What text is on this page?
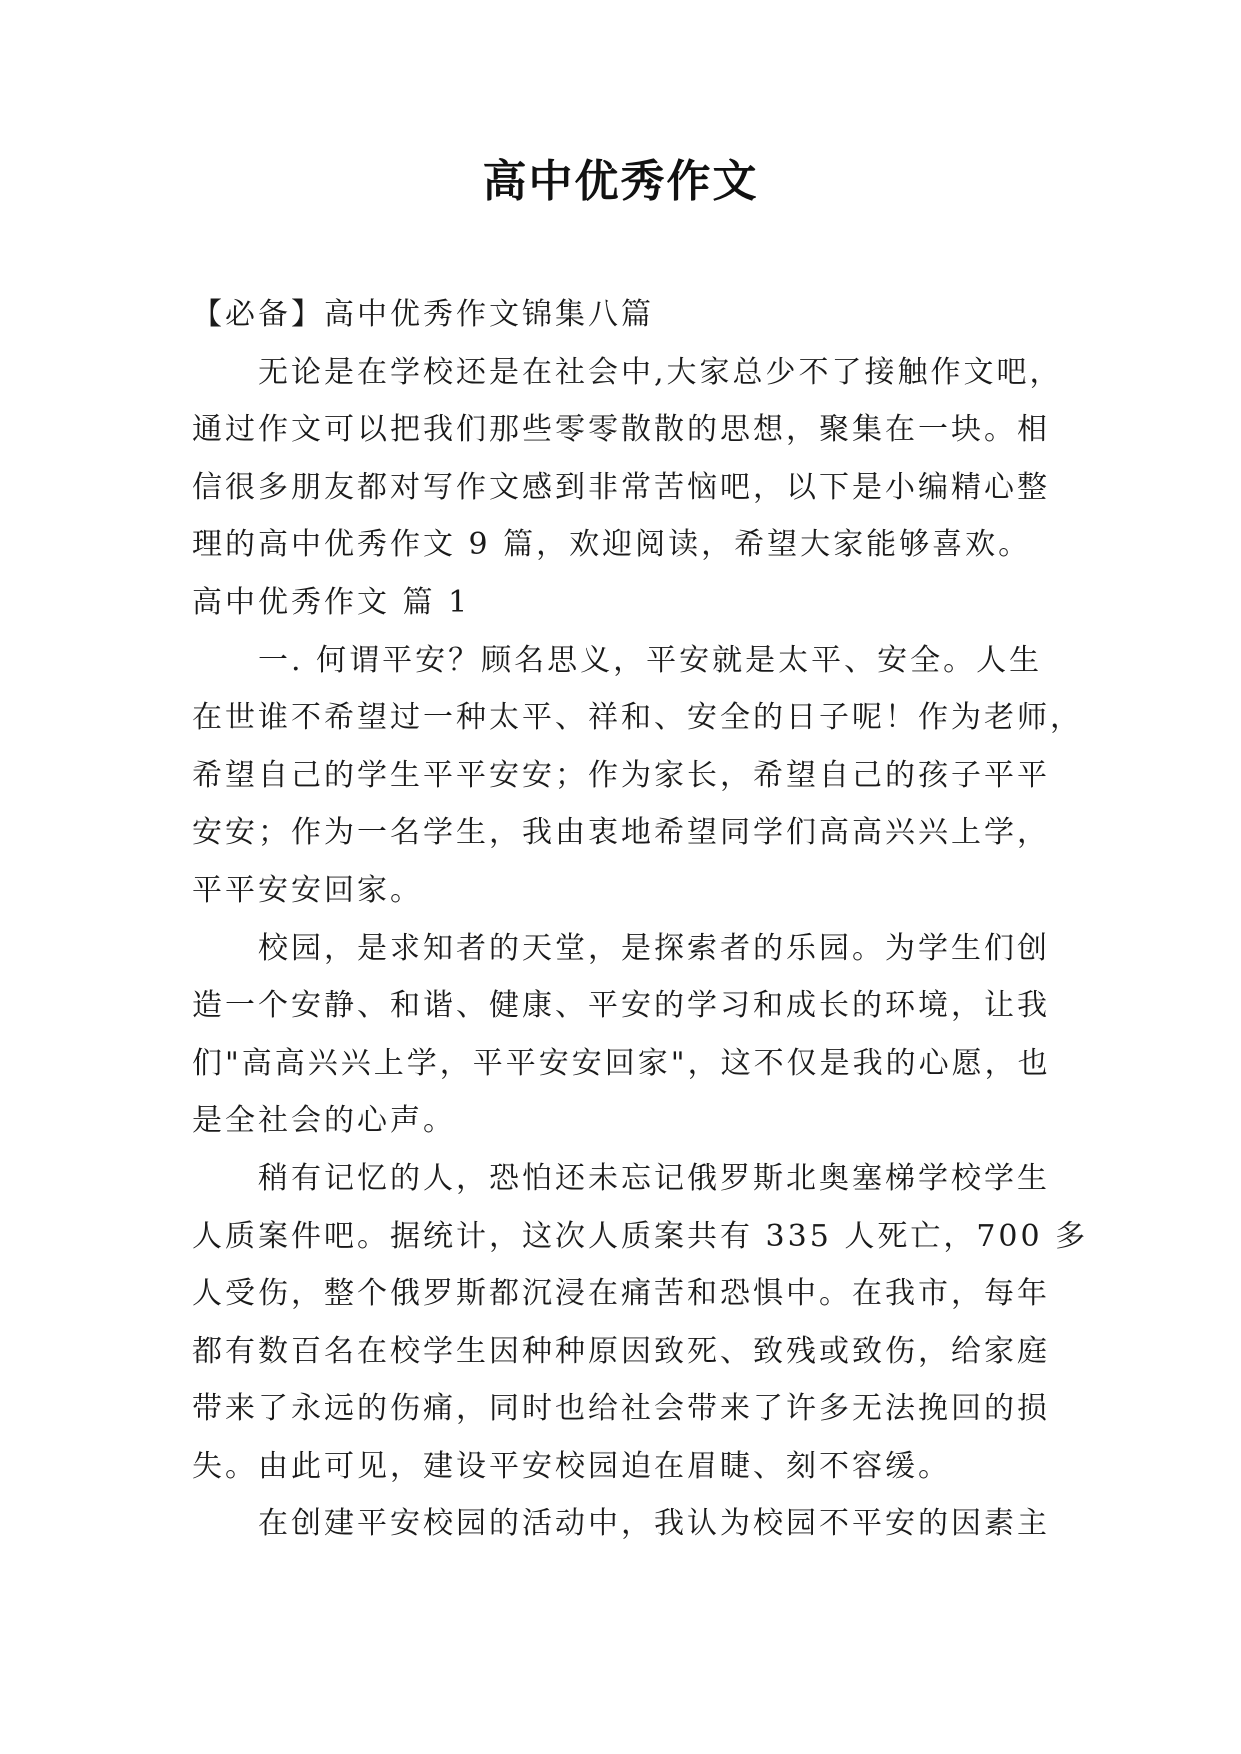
高中优秀作文

【必备】高中优秀作文锦集八篇

无论是在学校还是在社会中,大家总少不了接触作文吧，

通过作文可以把我们那些零零散散的思想，聚集在一块。相

信很多朋友都对写作文感到非常苦恼吧，以下是小编精心整

理的高中优秀作文 9 篇，欢迎阅读，希望大家能够喜欢。

高中优秀作文 篇 1

一. 何谓平安？顾名思义，平安就是太平、安全。人生

在世谁不希望过一种太平、祥和、安全的日子呢！作为老师，

希望自己的学生平平安安；作为家长，希望自己的孩子平平

安安；作为一名学生，我由衷地希望同学们高高兴兴上学，

平平安安回家。

校园，是求知者的天堂，是探索者的乐园。为学生们创

造一个安静、和谐、健康、平安的学习和成长的环境，让我

们"高高兴兴上学，平平安安回家"，这不仅是我的心愿，也

是全社会的心声。

稍有记忆的人，恐怕还未忘记俄罗斯北奥塞梯学校学生

人质案件吧。据统计，这次人质案共有 335 人死亡，700 多

人受伤，整个俄罗斯都沉浸在痛苦和恐惧中。在我市，每年

都有数百名在校学生因种种原因致死、致残或致伤，给家庭

带来了永远的伤痛，同时也给社会带来了许多无法挽回的损

失。由此可见，建设平安校园迫在眉睫、刻不容缓。

在创建平安校园的活动中，我认为校园不平安的因素主
